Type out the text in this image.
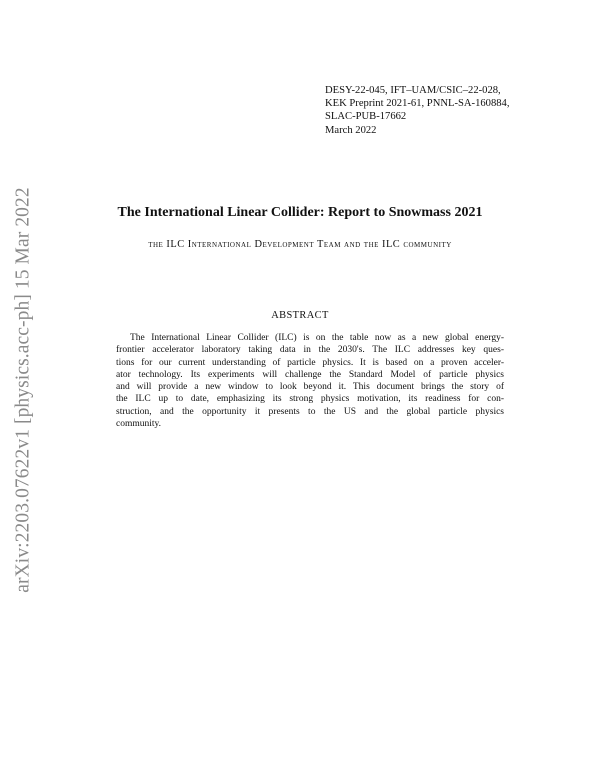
arXiv:2203.07622v1 [physics.acc-ph] 15 Mar 2022
DESY-22-045, IFT–UAM/CSIC–22-028,
KEK Preprint 2021-61, PNNL-SA-160884,
SLAC-PUB-17662
March 2022
The International Linear Collider: Report to Snowmass 2021
the ILC International Development Team and the ILC community
ABSTRACT
The International Linear Collider (ILC) is on the table now as a new global energy-
frontier accelerator laboratory taking data in the 2030's. The ILC addresses key ques-
tions for our current understanding of particle physics. It is based on a proven acceler-
ator technology. Its experiments will challenge the Standard Model of particle physics
and will provide a new window to look beyond it. This document brings the story of
the ILC up to date, emphasizing its strong physics motivation, its readiness for con-
struction, and the opportunity it presents to the US and the global particle physics
community.
